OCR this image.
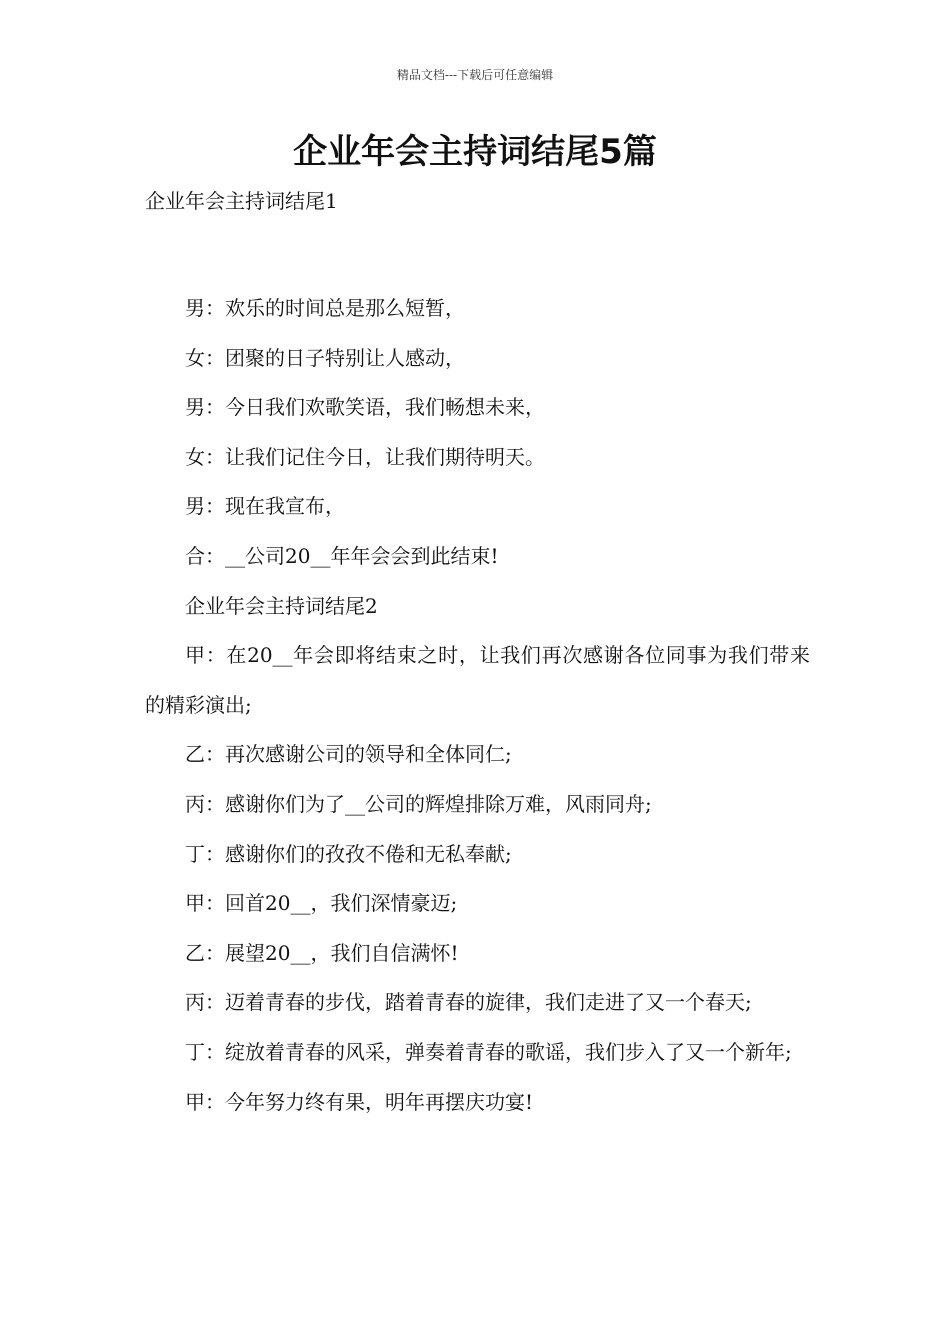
精品文档---下载后可任意编辑
企业年会主持词结尾5篇
企业年会主持词结尾1

男：欢乐的时间总是那么短暂，

女：团聚的日子特别让人感动，

男：今日我们欢歌笑语，我们畅想未来，

女：让我们记住今日，让我们期待明天。

男：现在我宣布，

合：__公司20__年年会会到此结束!

企业年会主持词结尾2

甲：在20__年会即将结束之时，让我们再次感谢各位同事为我们带来的精彩演出;

乙：再次感谢公司的领导和全体同仁;

丙：感谢你们为了__公司的辉煌排除万难，风雨同舟;

丁：感谢你们的孜孜不倦和无私奉献;

甲：回首20__，我们深情豪迈;

乙：展望20__，我们自信满怀!

丙：迈着青春的步伐，踏着青春的旋律，我们走进了又一个春天;

丁：绽放着青春的风采，弹奏着青春的歌谣，我们步入了又一个新年;

甲：今年努力终有果，明年再摆庆功宴!
